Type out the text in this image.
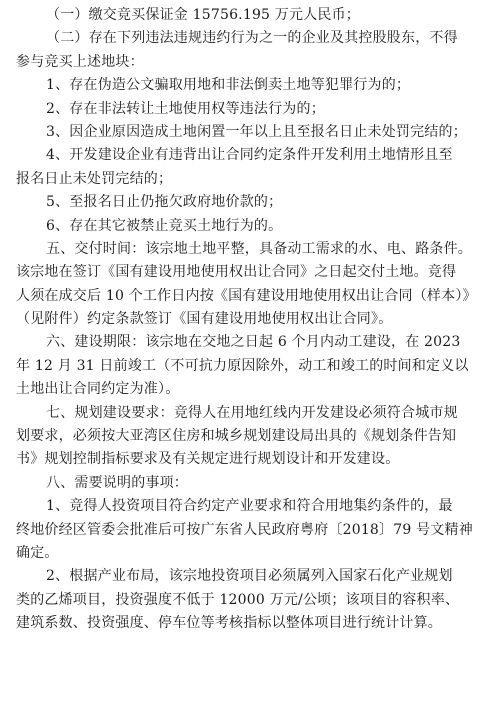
（一）缴交竞买保证金 15756.195 万元人民币；
（二）存在下列违法违规违约行为之一的企业及其控股股东，不得
参与竞买上述地块：
1、存在伪造公文骗取用地和非法倒卖土地等犯罪行为的；
2、存在非法转让土地使用权等违法行为的；
3、因企业原因造成土地闲置一年以上且至报名日止未处罚完结的；
4、开发建设企业有违背出让合同约定条件开发利用土地情形且至
报名日止未处罚完结的；
5、至报名日止仍拖欠政府地价款的；
6、存在其它被禁止竞买土地行为的。
五、交付时间：该宗地土地平整，具备动工需求的水、电、路条件。
该宗地在签订《国有建设用地使用权出让合同》之日起交付土地。竞得
人须在成交后 10 个工作日内按《国有建设用地使用权出让合同（样本）》
（见附件）约定条款签订《国有建设用地使用权出让合同》。
六、建设期限：该宗地在交地之日起 6 个月内动工建设，在 2023
年 12 月 31 日前竣工（不可抗力原因除外，动工和竣工的时间和定义以
土地出让合同约定为准）。
七、规划建设要求：竞得人在用地红线内开发建设必须符合城市规
划要求，必须按大亚湾区住房和城乡规划建设局出具的《规划条件告知
书》规划控制指标要求及有关规定进行规划设计和开发建设。
八、需要说明的事项：
1、竞得人投资项目符合约定产业要求和符合用地集约条件的，最
终地价经区管委会批准后可按广东省人民政府粤府〔2018〕79 号文精神
确定。
2、根据产业布局，该宗地投资项目必须属列入国家石化产业规划
类的乙烯项目，投资强度不低于 12000 万元/公顷；该项目的容积率、
建筑系数、投资强度、停车位等考核指标以整体项目进行统计计算。
